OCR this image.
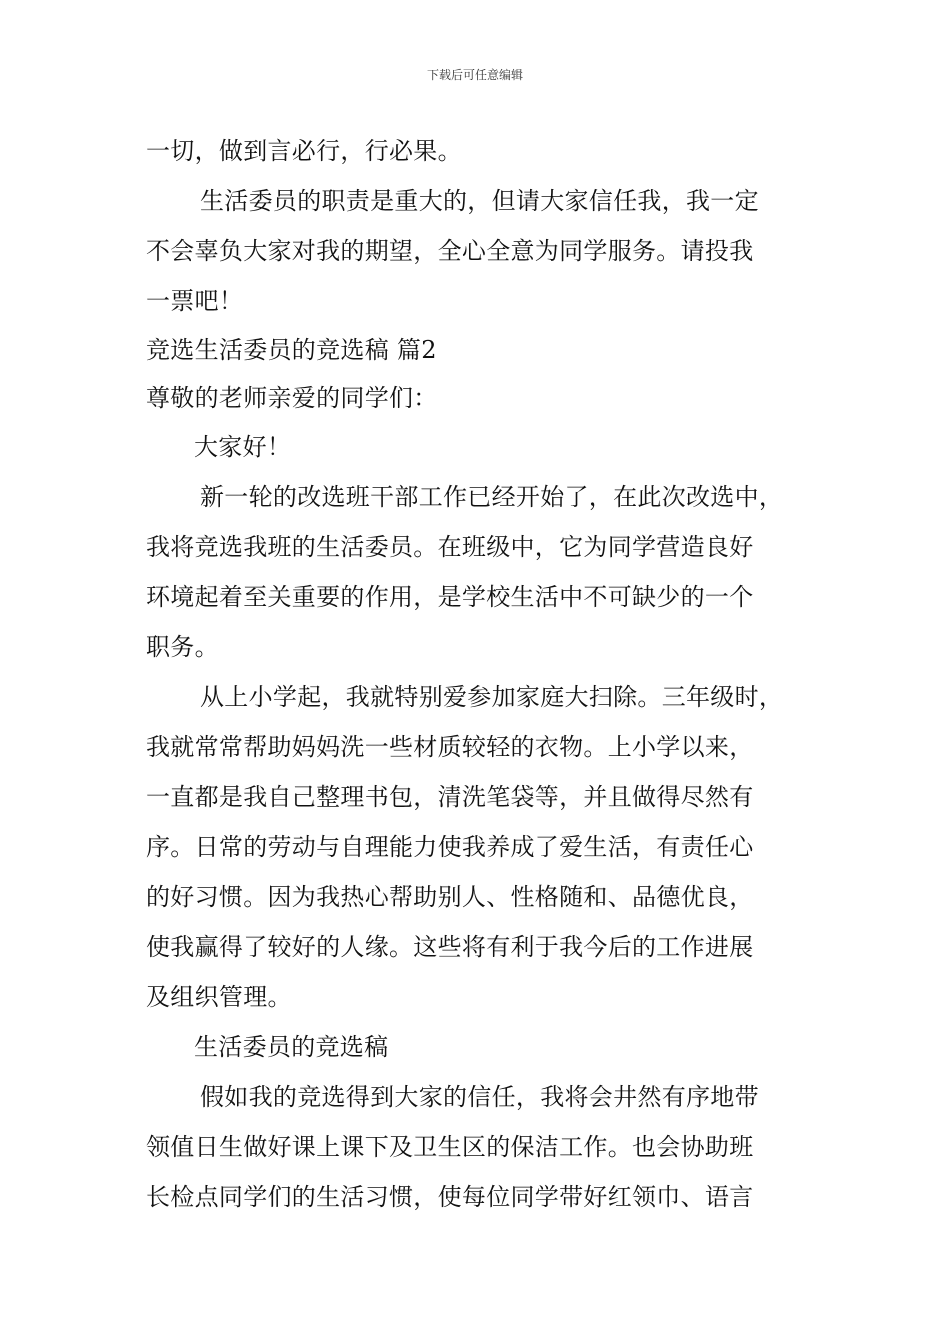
下载后可任意编辑
一切，做到言必行，行必果。
生活委员的职责是重大的，但请大家信任我，我一定
不会辜负大家对我的期望，全心全意为同学服务。请投我
一票吧！
竞选生活委员的竞选稿 篇2
尊敬的老师亲爱的同学们：
大家好！
新一轮的改选班干部工作已经开始了，在此次改选中，
我将竞选我班的生活委员。在班级中，它为同学营造良好
环境起着至关重要的作用，是学校生活中不可缺少的一个
职务。
从上小学起，我就特别爱参加家庭大扫除。三年级时，
我就常常帮助妈妈洗一些材质较轻的衣物。上小学以来，
一直都是我自己整理书包，清洗笔袋等，并且做得尽然有
序。日常的劳动与自理能力使我养成了爱生活，有责任心
的好习惯。因为我热心帮助别人、性格随和、品德优良，
使我赢得了较好的人缘。这些将有利于我今后的工作进展
及组织管理。
生活委员的竞选稿
假如我的竞选得到大家的信任，我将会井然有序地带
领值日生做好课上课下及卫生区的保洁工作。也会协助班
长检点同学们的生活习惯，使每位同学带好红领巾、语言
